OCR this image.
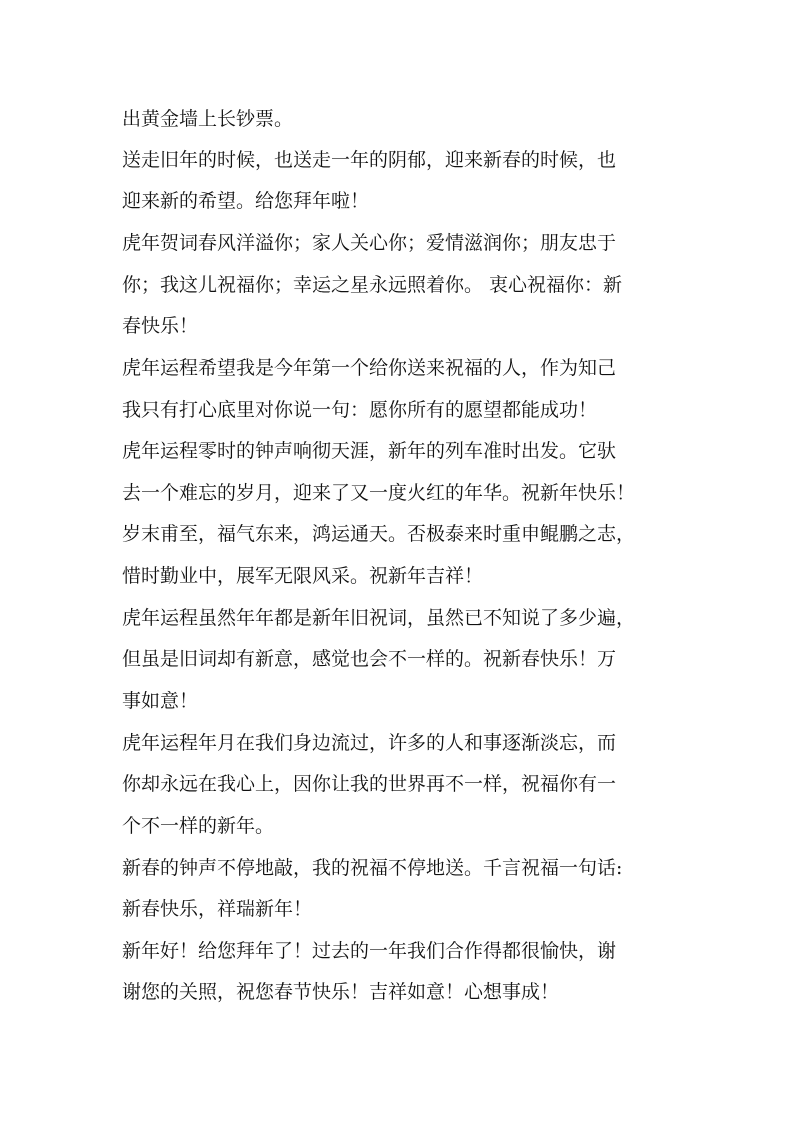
出黄金墙上长钞票。
送走旧年的时候，也送走一年的阴郁，迎来新春的时候，也
迎来新的希望。给您拜年啦！
虎年贺词春风洋溢你；家人关心你；爱情滋润你；朋友忠于
你；我这儿祝福你；幸运之星永远照着你。 衷心祝福你：新
春快乐！
虎年运程希望我是今年第一个给你送来祝福的人，作为知己
我只有打心底里对你说一句：愿你所有的愿望都能成功！
虎年运程零时的钟声响彻天涯，新年的列车准时出发。它驮
去一个难忘的岁月，迎来了又一度火红的年华。祝新年快乐！
岁末甫至，福气东来，鸿运通天。否极泰来时重申鲲鹏之志，
惜时勤业中，展军无限风采。祝新年吉祥！
虎年运程虽然年年都是新年旧祝词，虽然已不知说了多少遍，
但虽是旧词却有新意，感觉也会不一样的。祝新春快乐！万
事如意！
虎年运程年月在我们身边流过，许多的人和事逐渐淡忘，而
你却永远在我心上，因你让我的世界再不一样，祝福你有一
个不一样的新年。
新春的钟声不停地敲，我的祝福不停地送。千言祝福一句话:
新春快乐，祥瑞新年！
新年好！给您拜年了！过去的一年我们合作得都很愉快，谢
谢您的关照，祝您春节快乐！吉祥如意！心想事成！
